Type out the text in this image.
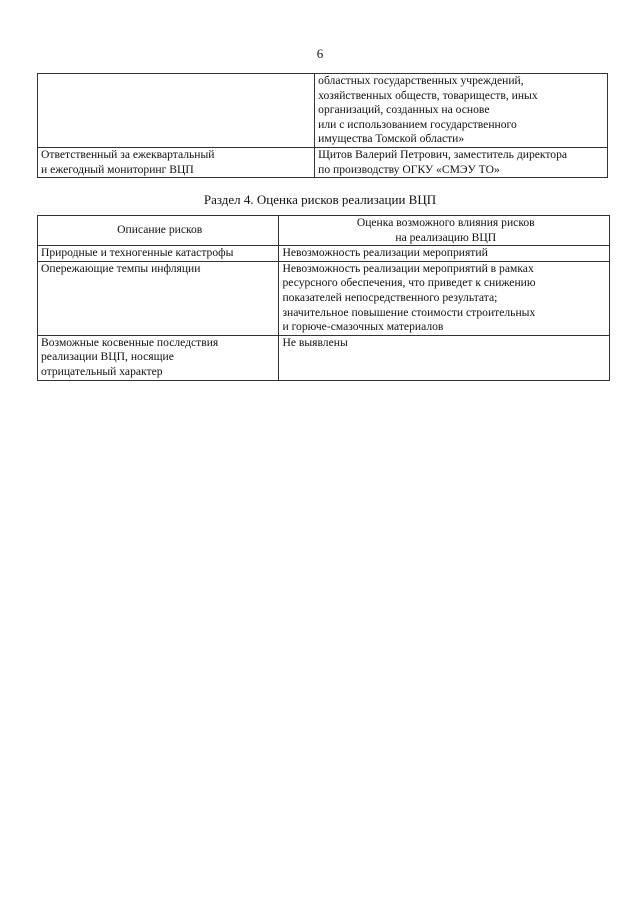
6

	областных государственных учреждений,
хозяйственных обществ, товариществ, иных
организаций, созданных на основе
или с использованием государственного
имущества Томской области»

Ответственный за ежеквартальный
и ежегодный мониторинг ВЦП	Щитов Валерий Петрович, заместитель директора
по производству ОГКУ «СМЭУ ТО»
Раздел 4. Оценка рисков реализации ВЦП
Описание рисков	Оценка возможного влияния рисков
на реализацию ВЦП

Природные и техногенные катастрофы	Невозможность реализации мероприятий

Опережающие темпы инфляции	Невозможность реализации мероприятий в рамках
ресурсного обеспечения, что приведет к снижению
показателей непосредственного результата;
значительное повышение стоимости строительных
и горюче-смазочных материалов

Возможные косвенные последствия
реализации ВЦП, носящие
отрицательный характер	Не выявлены
